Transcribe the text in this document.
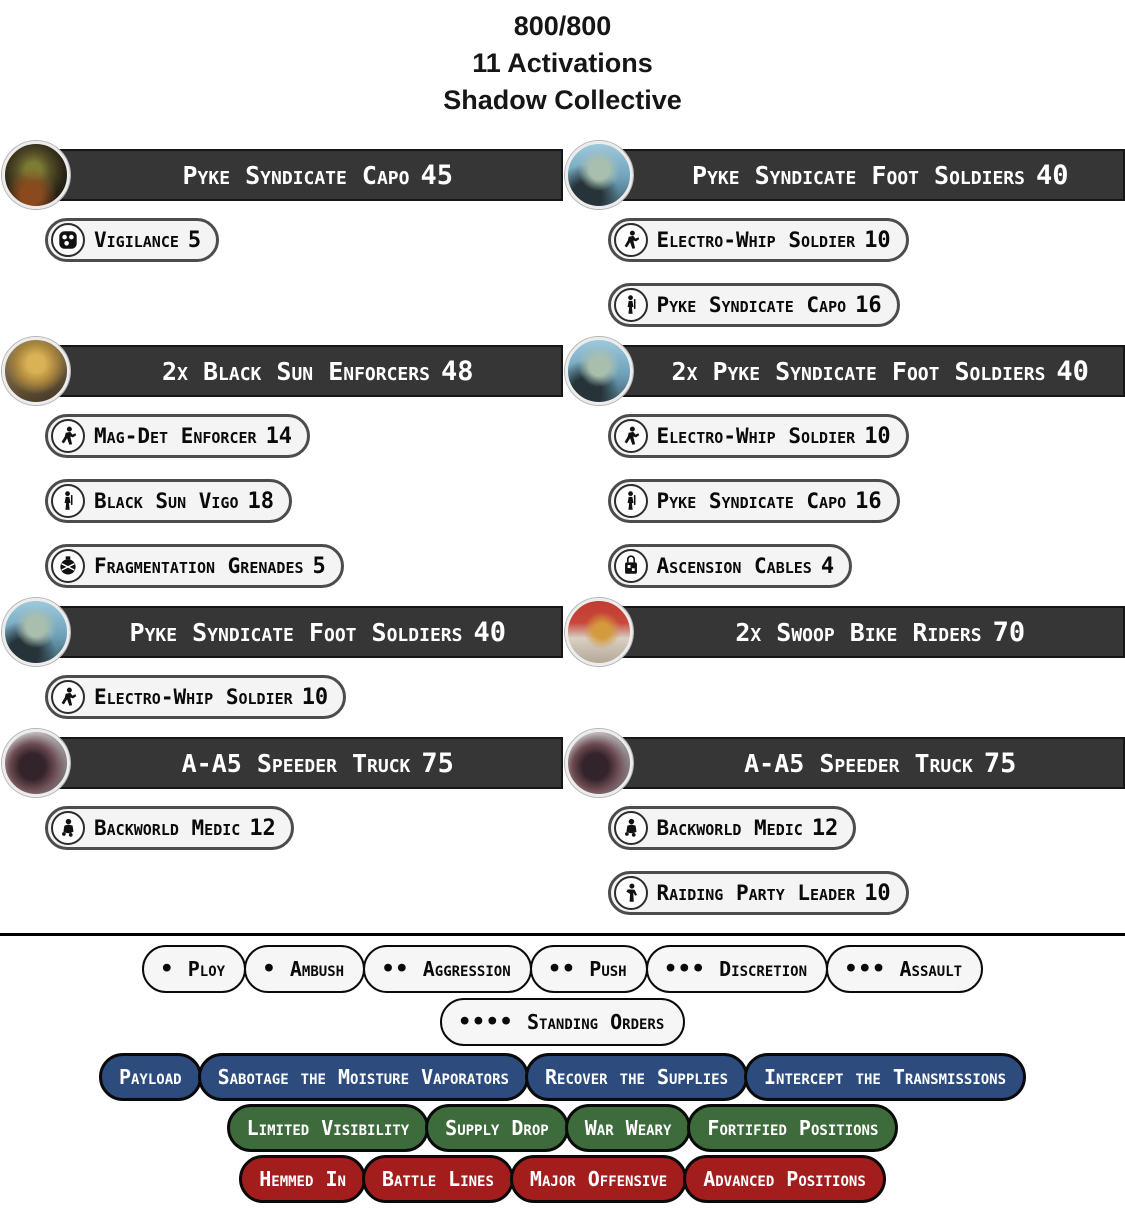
800/800
11 Activations
Shadow Collective
Pyke Syndicate Capo 45
Vigilance 5
Pyke Syndicate Foot Soldiers 40
Electro-Whip Soldier 10
Pyke Syndicate Capo 16
2x Black Sun Enforcers 48
Mag-Det Enforcer 14
Black Sun Vigo 18
Fragmentation Grenades 5
2x Pyke Syndicate Foot Soldiers 40
Electro-Whip Soldier 10
Pyke Syndicate Capo 16
Ascension Cables 4
Pyke Syndicate Foot Soldiers 40
Electro-Whip Soldier 10
2x Swoop Bike Riders 70
A-A5 Speeder Truck 75
Backworld Medic 12
A-A5 Speeder Truck 75
Backworld Medic 12
Raiding Party Leader 10
● Ploy	● Ambush	●● Aggression	●● Push	●●● Discretion	●●● Assault
●●●● Standing Orders
Payload Sabotage the Moisture Vaporators Recover the Supplies Intercept the Transmissions
Limited Visibility Supply Drop War Weary Fortified Positions
Hemmed In Battle Lines Major Offensive Advanced Positions
